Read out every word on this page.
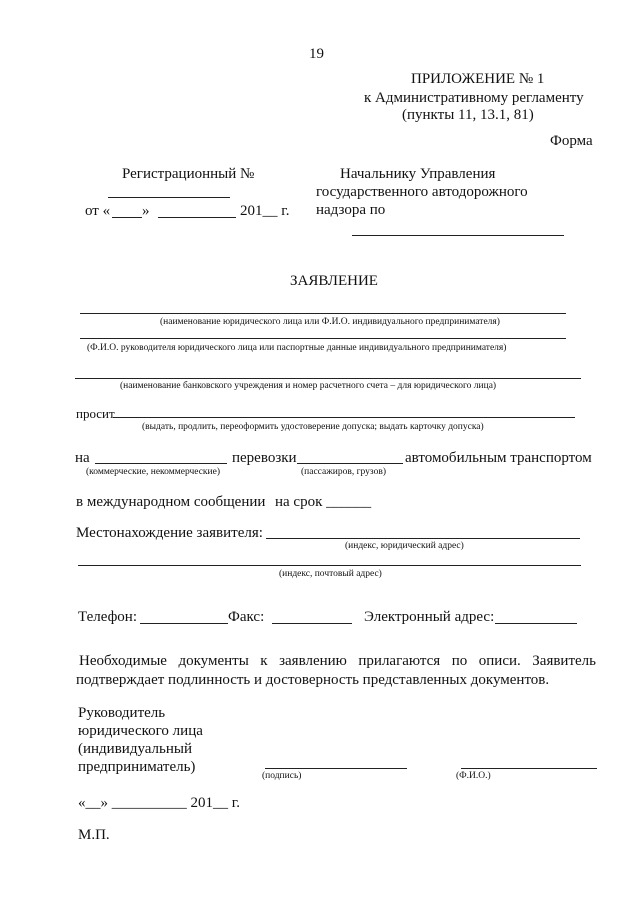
19
ПРИЛОЖЕНИЕ № 1
к Административному регламенту
(пункты 11, 13.1, 81)
Форма
Регистрационный №
от « »	201__ г.
Начальнику Управления
государственного автодорожного
надзора по
ЗАЯВЛЕНИЕ
(наименование юридического лица или Ф.И.О. индивидуального предпринимателя)
(Ф.И.О. руководителя юридического лица или паспортные данные индивидуального предпринимателя)
(наименование банковского учреждения и номер расчетного счета – для юридического лица)
просит
(выдать, продлить, переоформить удостоверение допуска; выдать карточку допуска)
на
(коммерческие, некоммерческие)
перевозки
(пассажиров, грузов)
автомобильным транспортом
в международном сообщении на срок ______
Местонахождение заявителя:
(индекс, юридический адрес)
(индекс, почтовый адрес)
Телефон:	Факс:	Электронный адрес:
Необходимые документы к заявлению прилагаются по описи. Заявитель подтверждает подлинность и достоверность представленных документов.
Руководитель
юридического лица
(индивидуальный
предприниматель)
(подпись)	(Ф.И.О.)
«__» __________ 201__ г.
М.П.
